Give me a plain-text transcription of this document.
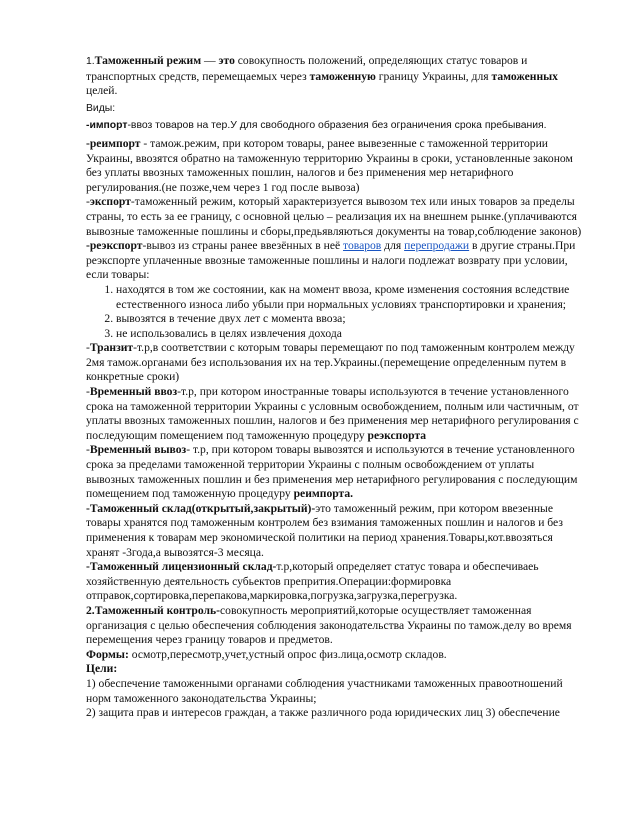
1.Таможенный режим — это совокупность положений, определяющих статус товаров и транспортных средств, перемещаемых через таможенную границу Украины, для таможенных целей.

Виды:

-импорт-ввоз товаров на тер.У для свободного образения без ограничения срока пребывания.

-реимпорт - тамож.режим, при котором товары, ранее вывезенные с таможенной территории Украины, ввозятся обратно на таможенную территорию Украины в сроки, установленные законом без уплаты ввозных таможенных пошлин, налогов и без применения мер нетарифного регулирования.(не позже,чем через 1 год после вывоза)

-экспорт-таможенный режим, который характеризуется вывозом тех или иных товаров за пределы страны, то есть за ее границу, с основной целью – реализация их на внешнем рынке.(уплачиваются вывозные таможенные пошлины и сборы,предьявляються документы на товар,соблюдение законов)

-реэкспорт-вывоз из страны ранее ввезённых в неё товаров для перепродажи в другие страны.При реэкспорте уплаченные ввозные таможенные пошлины и налоги подлежат возврату при условии, если товары:

1. находятся в том же состоянии, как на момент ввоза, кроме изменения состояния вследствие естественного износа либо убыли при нормальных условиях транспортировки и хранения;
2. вывозятся в течение двух лет с момента ввоза;
3. не использовались в целях извлечения дохода

-Транзит-т.р,в соответствии с которым товары перемещают по под таможенным контролем между 2мя тамож.органами без использования их на тер.Украины.(перемещение определенным путем в конкретные сроки)

-Временный ввоз-т.р, при котором иностранные товары используются в течение установленного срока на таможенной территории Украины с условным освобождением, полным или частичным, от уплаты ввозных таможенных пошлин, налогов и без применения мер нетарифного регулирования с последующим помещением под таможенную процедуру реэкспорта

-Временный вывоз- т.р, при котором товары вывозятся и используются в течение установленного срока за пределами таможенной территории Украины с полным освобождением от уплаты вывозных таможенных пошлин и без применения мер нетарифного регулирования с последующим помещением под таможенную процедуру реимпорта.

-Таможенный склад(открытый,закрытый)-это таможенный режим, при котором ввезенные товары хранятся под таможенным контролем без взимания таможенных пошлин и налогов и без применения к товарам мер экономической политики на период хранения.Товары,кот.ввозяться хранят -3года,а вывозятся-3 месяца.

-Таможенный лицензионный склад-т.р,который определяет статус товара и обеспечиваеь хозяйственную деятельность субьектов препрития.Операции:формировка отправок,сортировка,перепакова,маркировка,погрузка,загрузка,перегрузка.

2.Таможенный контроль-совокупность мероприятий,которые осуществляет таможенная организация с целью обеспечения соблюдения законодательства Украины по тамож.делу во время перемещения через границу товаров и предметов.

Формы: осмотр,пересмотр,учет,устный опрос физ.лица,осмотр складов.

Цели:

1) обеспечение таможенными органами соблюдения участниками таможенных правоотношений норм таможенного законодательства Украины;

2) защита прав и интересов граждан, а также различного рода юридических лиц 3) обеспечение
